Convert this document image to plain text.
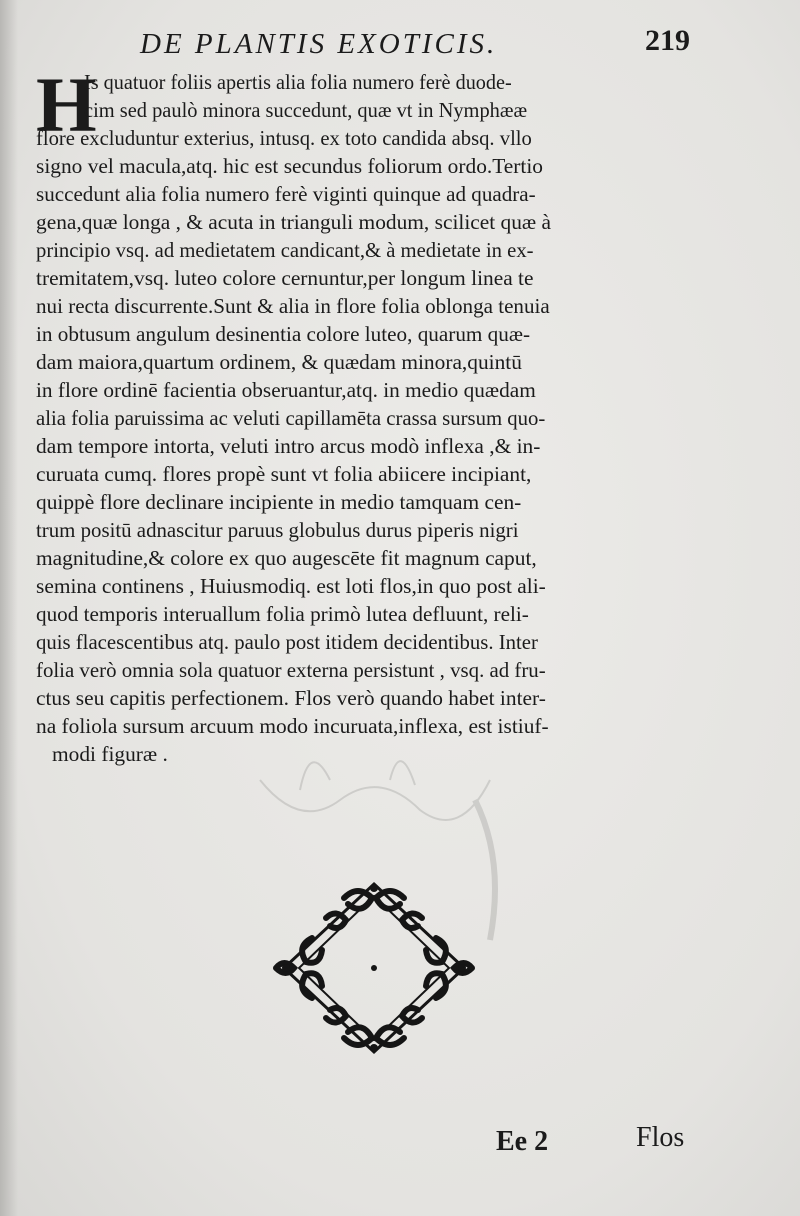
DE PLANTIS EXOTICIS.	219
H
Is quatuor foliis apertis alia folia numero ferè duode-
cim sed paulò minora succedunt, quæ vt in Nymphææ
flore excluduntur exterius, intusq. ex toto candida absq. vllo
signo vel macula,atq. hic est secundus foliorum ordo.Tertio
succedunt alia folia numero ferè viginti quinque ad quadra-
gena,quæ longa , & acuta in trianguli modum, scilicet quæ à
principio vsq. ad medietatem candicant,& à medietate in ex-
tremitatem,vsq. luteo colore cernuntur,per longum linea te
nui recta discurrente.Sunt & alia in flore folia oblonga tenuia
in obtusum angulum desinentia colore luteo, quarum quæ-
dam maiora,quartum ordinem, & quædam minora,quintū
in flore ordinē facientia obseruantur,atq. in medio quædam
alia folia paruissima ac veluti capillamēta crassa sursum quo-
dam tempore intorta, veluti intro arcus modò inflexa ,& in-
curuata cumq. flores propè sunt vt folia abiicere incipiant,
quippè flore declinare incipiente in medio tamquam cen-
trum positū adnascitur paruus globulus durus piperis nigri
magnitudine,& colore ex quo augescēte fit magnum caput,
semina continens , Huiusmodiq. est loti flos,in quo post ali-
quod temporis interuallum folia primò lutea defluunt, reli-
quis flacescentibus atq. paulo post itidem decidentibus. Inter
folia verò omnia sola quatuor externa persistunt , vsq. ad fru-
ctus seu capitis perfectionem. Flos verò quando habet inter-
na foliola sursum arcuum modo incuruata,inflexa, est istiuf-
modi figuræ .
Ee 2	Flos
